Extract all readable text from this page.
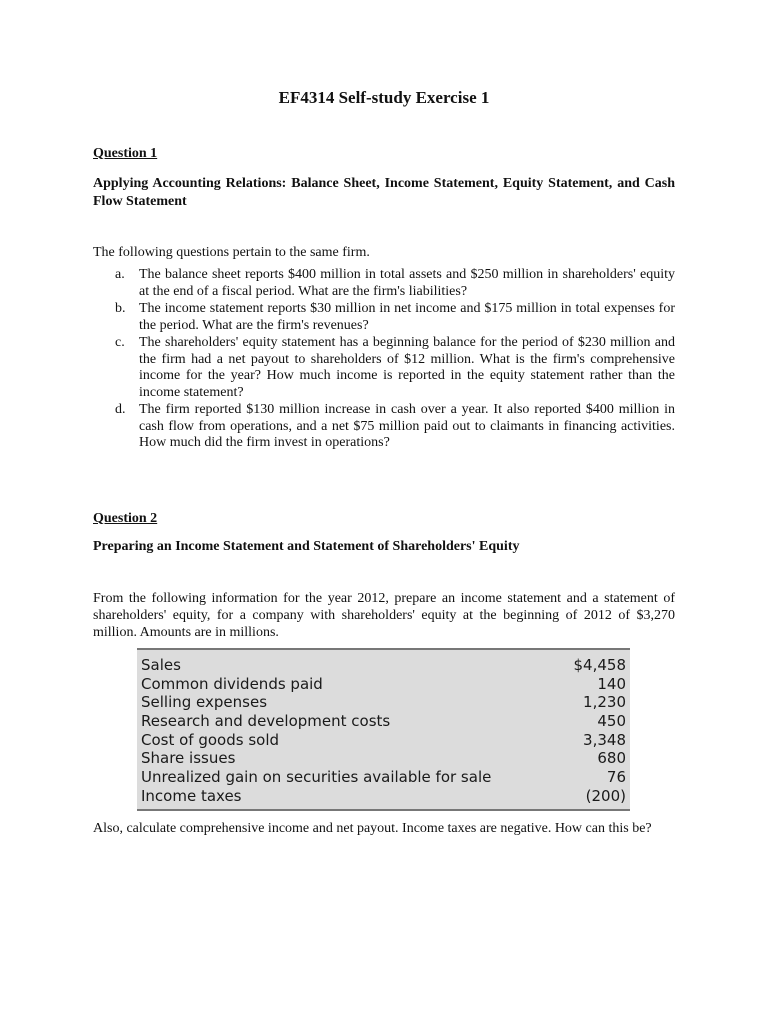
EF4314 Self-study Exercise 1
Question 1
Applying Accounting Relations: Balance Sheet, Income Statement, Equity Statement, and Cash Flow Statement
The following questions pertain to the same firm.
a. The balance sheet reports $400 million in total assets and $250 million in shareholders' equity at the end of a fiscal period. What are the firm's liabilities?
b. The income statement reports $30 million in net income and $175 million in total expenses for the period. What are the firm's revenues?
c. The shareholders' equity statement has a beginning balance for the period of $230 million and the firm had a net payout to shareholders of $12 million. What is the firm's comprehensive income for the year? How much income is reported in the equity statement rather than the income statement?
d. The firm reported $130 million increase in cash over a year. It also reported $400 million in cash flow from operations, and a net $75 million paid out to claimants in financing activities. How much did the firm invest in operations?
Question 2
Preparing an Income Statement and Statement of Shareholders' Equity
From the following information for the year 2012, prepare an income statement and a statement of shareholders' equity, for a company with shareholders' equity at the beginning of 2012 of $3,270 million. Amounts are in millions.
Sales	$4,458
Common dividends paid	140
Selling expenses	1,230
Research and development costs	450
Cost of goods sold	3,348
Share issues	680
Unrealized gain on securities available for sale	76
Income taxes	(200)
Also, calculate comprehensive income and net payout. Income taxes are negative. How can this be?
